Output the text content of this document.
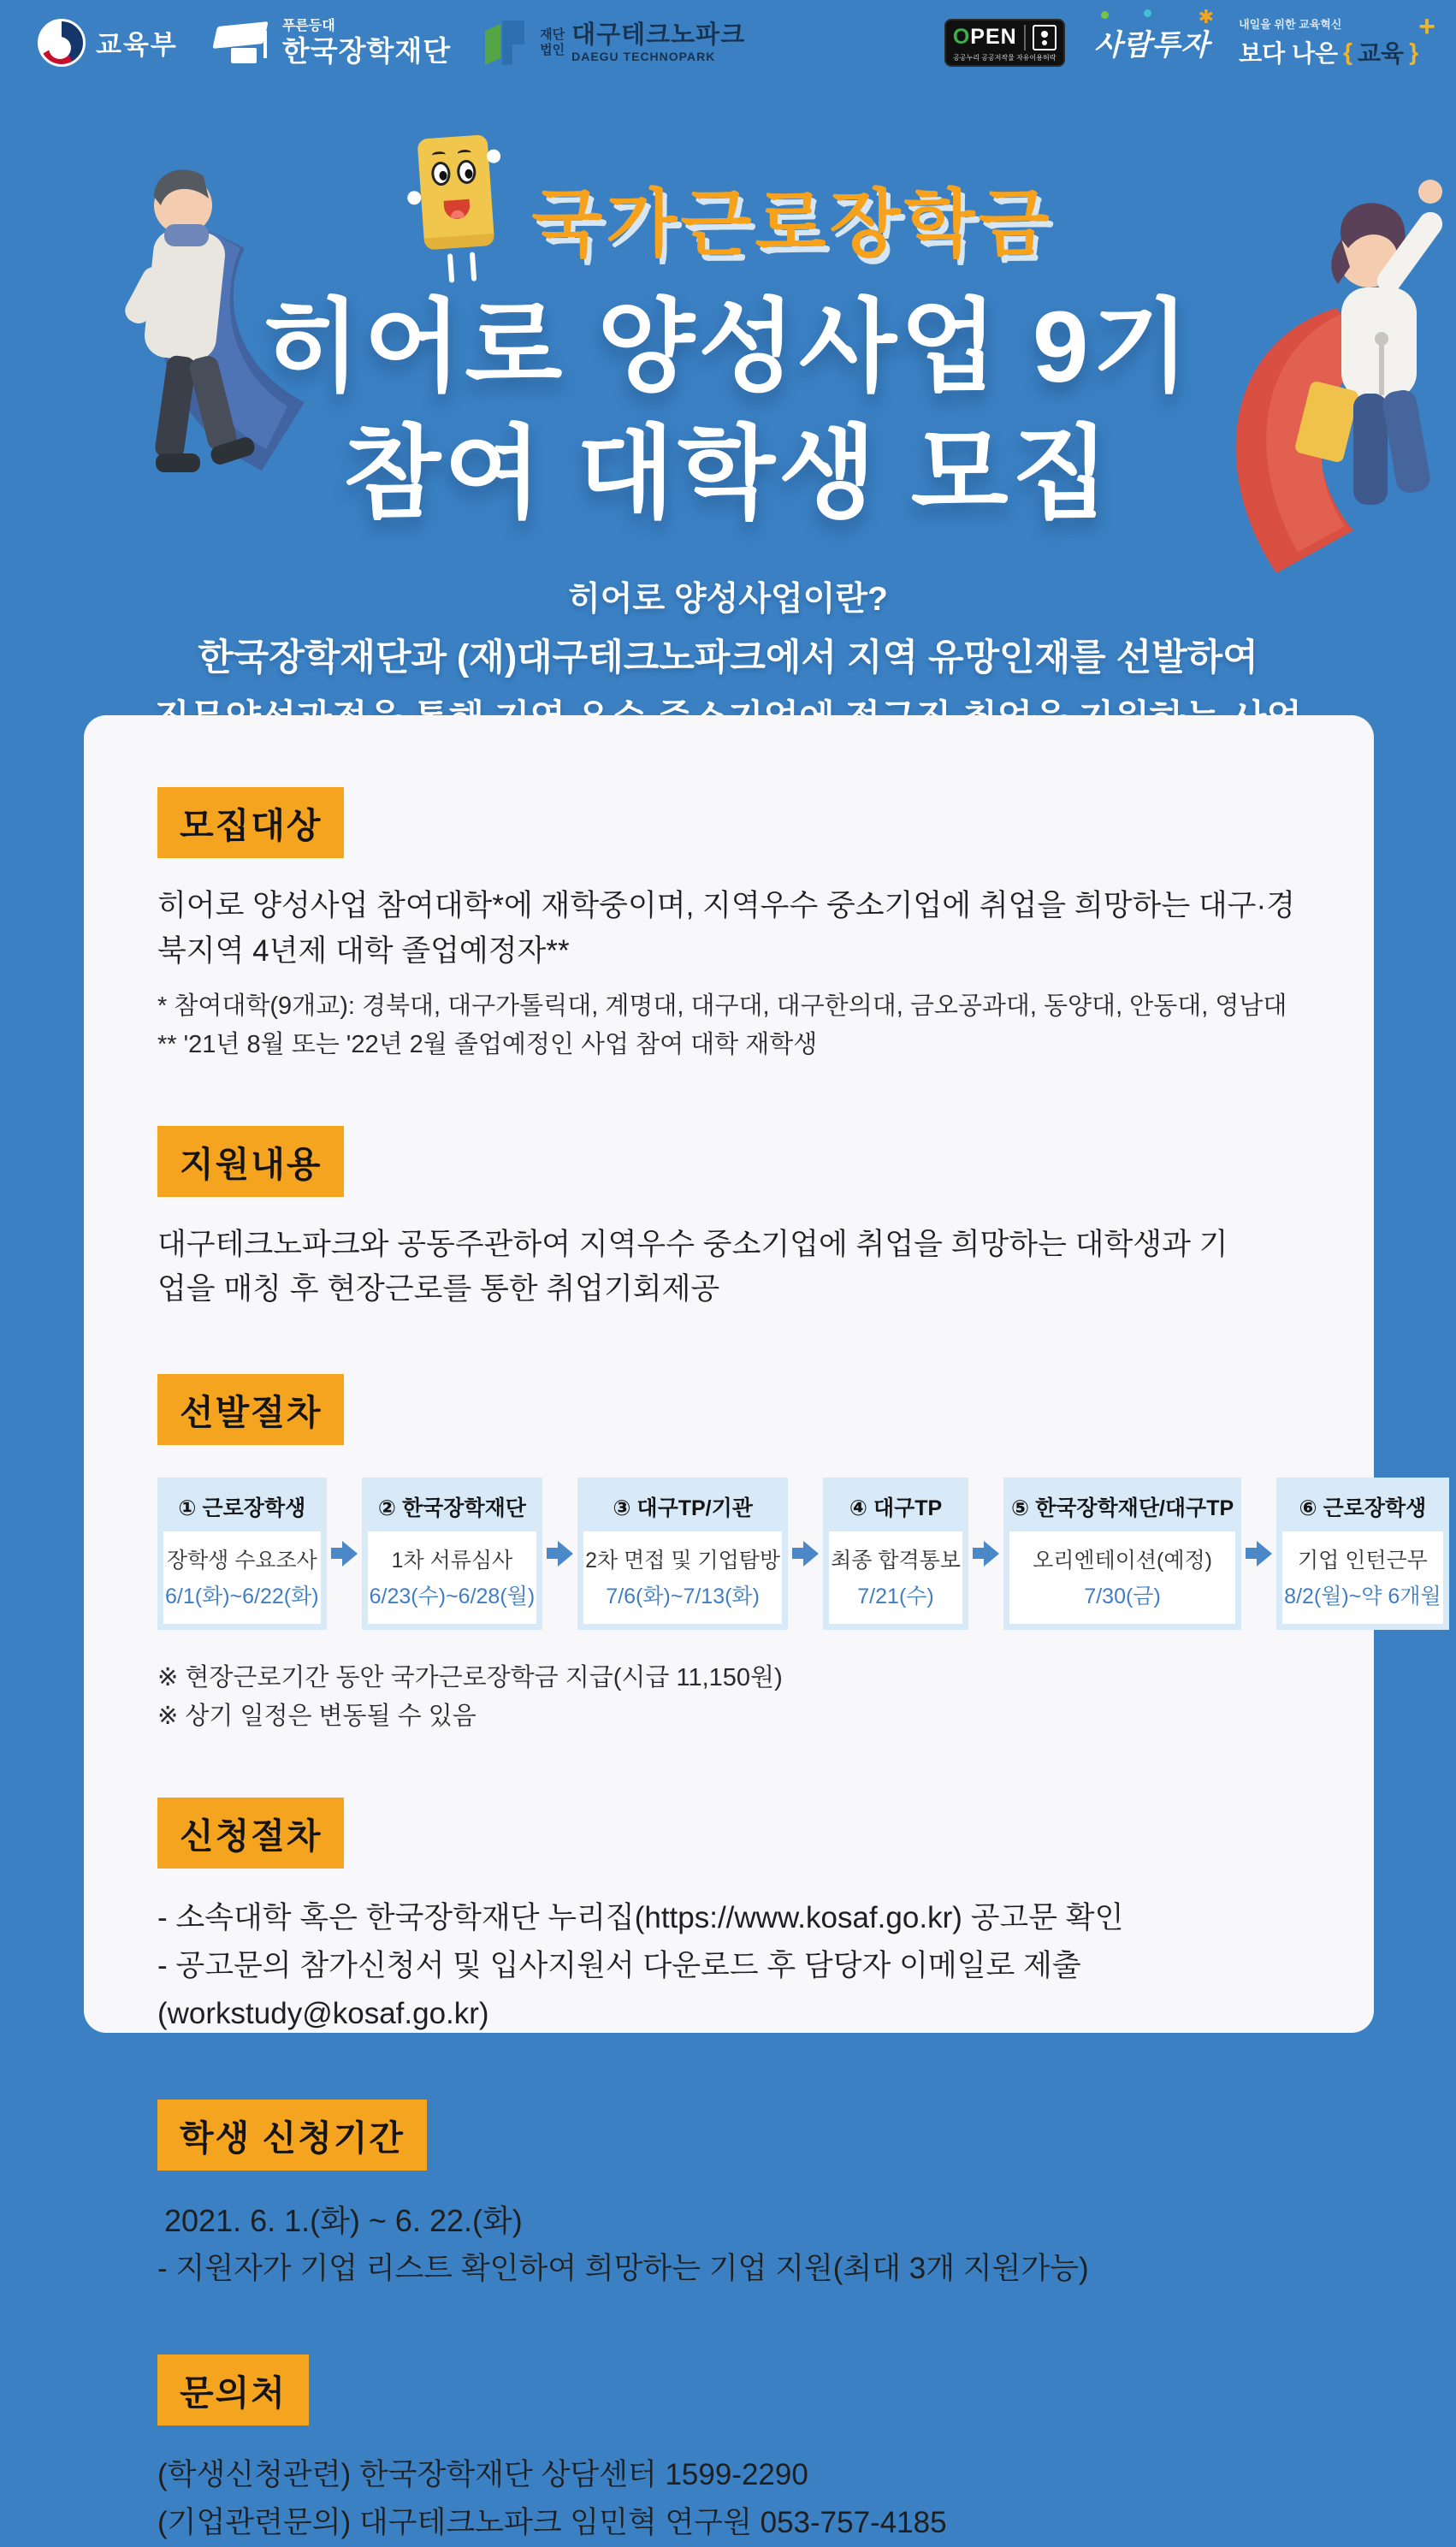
교육부
푸른등대
한국장학재단
재단
법인
대구테크노파크
DAEGU TECHNOPARK
OPEN
공공누리 공공저작물 자유이용허락 사람투자
✱ 내일을 위한 교육혁신
보다 나은 { 교육 }
+
국가근로장학금
히어로 양성사업 9기
참여 대학생 모집
히어로 양성사업이란?
한국장학재단과 (재)대구테크노파크에서 지역 유망인재를 선발하여
모집대상
히어로 양성사업 참여대학*에 재학중이며, 지역우수 중소기업에 취업을 희망하는 대구·경북지역 4년제 대학 졸업예정자**

* 참여대학(9개교): 경북대, 대구가톨릭대, 계명대, 대구대, 대구한의대, 금오공과대, 동양대, 안동대, 영남대

** '21년 8월 또는 '22년 2월 졸업예정인 사업 참여 대학 재학생

지원내용
대구테크노파크와 공동주관하여 지역우수 중소기업에 취업을 희망하는 대학생과 기업을 매칭 후 현장근로를 통한 취업기회제공
선발절차
① 근로장학생
장학생 수요조사
6/1(화)~6/22(화)
② 한국장학재단
1차 서류심사
6/23(수)~6/28(월)
③ 대구TP/기관
2차 면접 및 기업탐방
7/6(화)~7/13(화)
④ 대구TP
최종 합격통보
7/21(수)
⑤ 한국장학재단/대구TP
오리엔테이션(예정)
7/30(금)
⑥ 근로장학생
기업 인턴근무
8/2(월)~약 6개월

※ 현장근로기간 동안 국가근로장학금 지급(시급 11,150원)

※ 상기 일정은 변동될 수 있음

신청절차
- 소속대학 혹은 한국장학재단 누리집(https://www.kosaf.go.kr) 공고문 확인
- 공고문의 참가신청서 및 입사지원서 다운로드 후 담당자 이메일로 제출(workstudy@kosaf.go.kr)
학생 신청기간
2021. 6. 1.(화) ~ 6. 22.(화)
- 지원자가 기업 리스트 확인하여 희망하는 기업 지원(최대 3개 지원가능)
문의처
(학생신청관련) 한국장학재단 상담센터 1599-2290
(기업관련문의) 대구테크노파크 임민혁 연구원 053-757-4185
